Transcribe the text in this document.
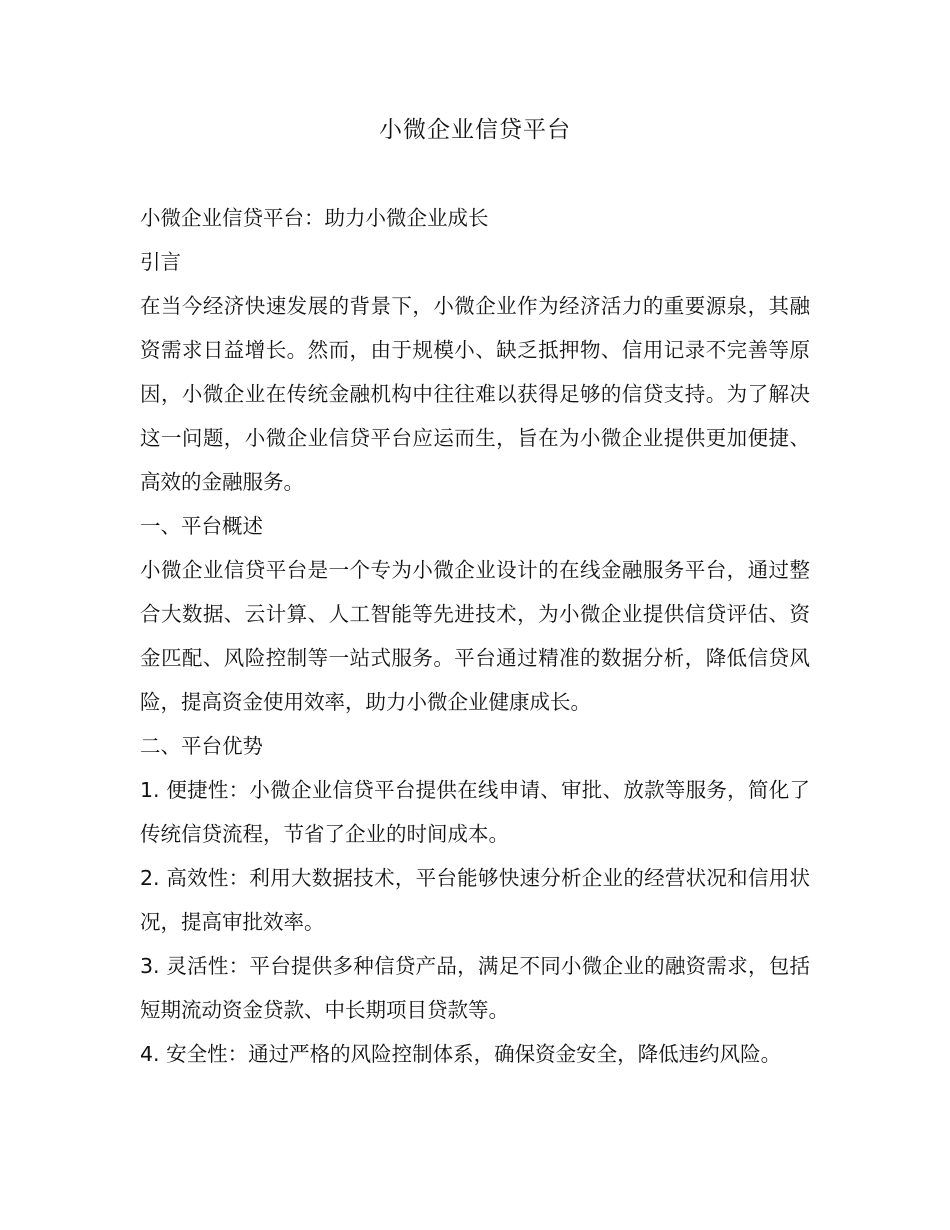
小微企业信贷平台

小微企业信贷平台：助力小微企业成长

引言

在当今经济快速发展的背景下，小微企业作为经济活力的重要源泉，其融资需求日益增长。然而，由于规模小、缺乏抵押物、信用记录不完善等原因，小微企业在传统金融机构中往往难以获得足够的信贷支持。为了解决这一问题，小微企业信贷平台应运而生，旨在为小微企业提供更加便捷、高效的金融服务。

一、平台概述

小微企业信贷平台是一个专为小微企业设计的在线金融服务平台，通过整合大数据、云计算、人工智能等先进技术，为小微企业提供信贷评估、资金匹配、风险控制等一站式服务。平台通过精准的数据分析，降低信贷风险，提高资金使用效率，助力小微企业健康成长。

二、平台优势

1. 便捷性：小微企业信贷平台提供在线申请、审批、放款等服务，简化了传统信贷流程，节省了企业的时间成本。

2. 高效性：利用大数据技术，平台能够快速分析企业的经营状况和信用状况，提高审批效率。

3. 灵活性：平台提供多种信贷产品，满足不同小微企业的融资需求，包括短期流动资金贷款、中长期项目贷款等。

4. 安全性：通过严格的风险控制体系，确保资金安全，降低违约风险。
